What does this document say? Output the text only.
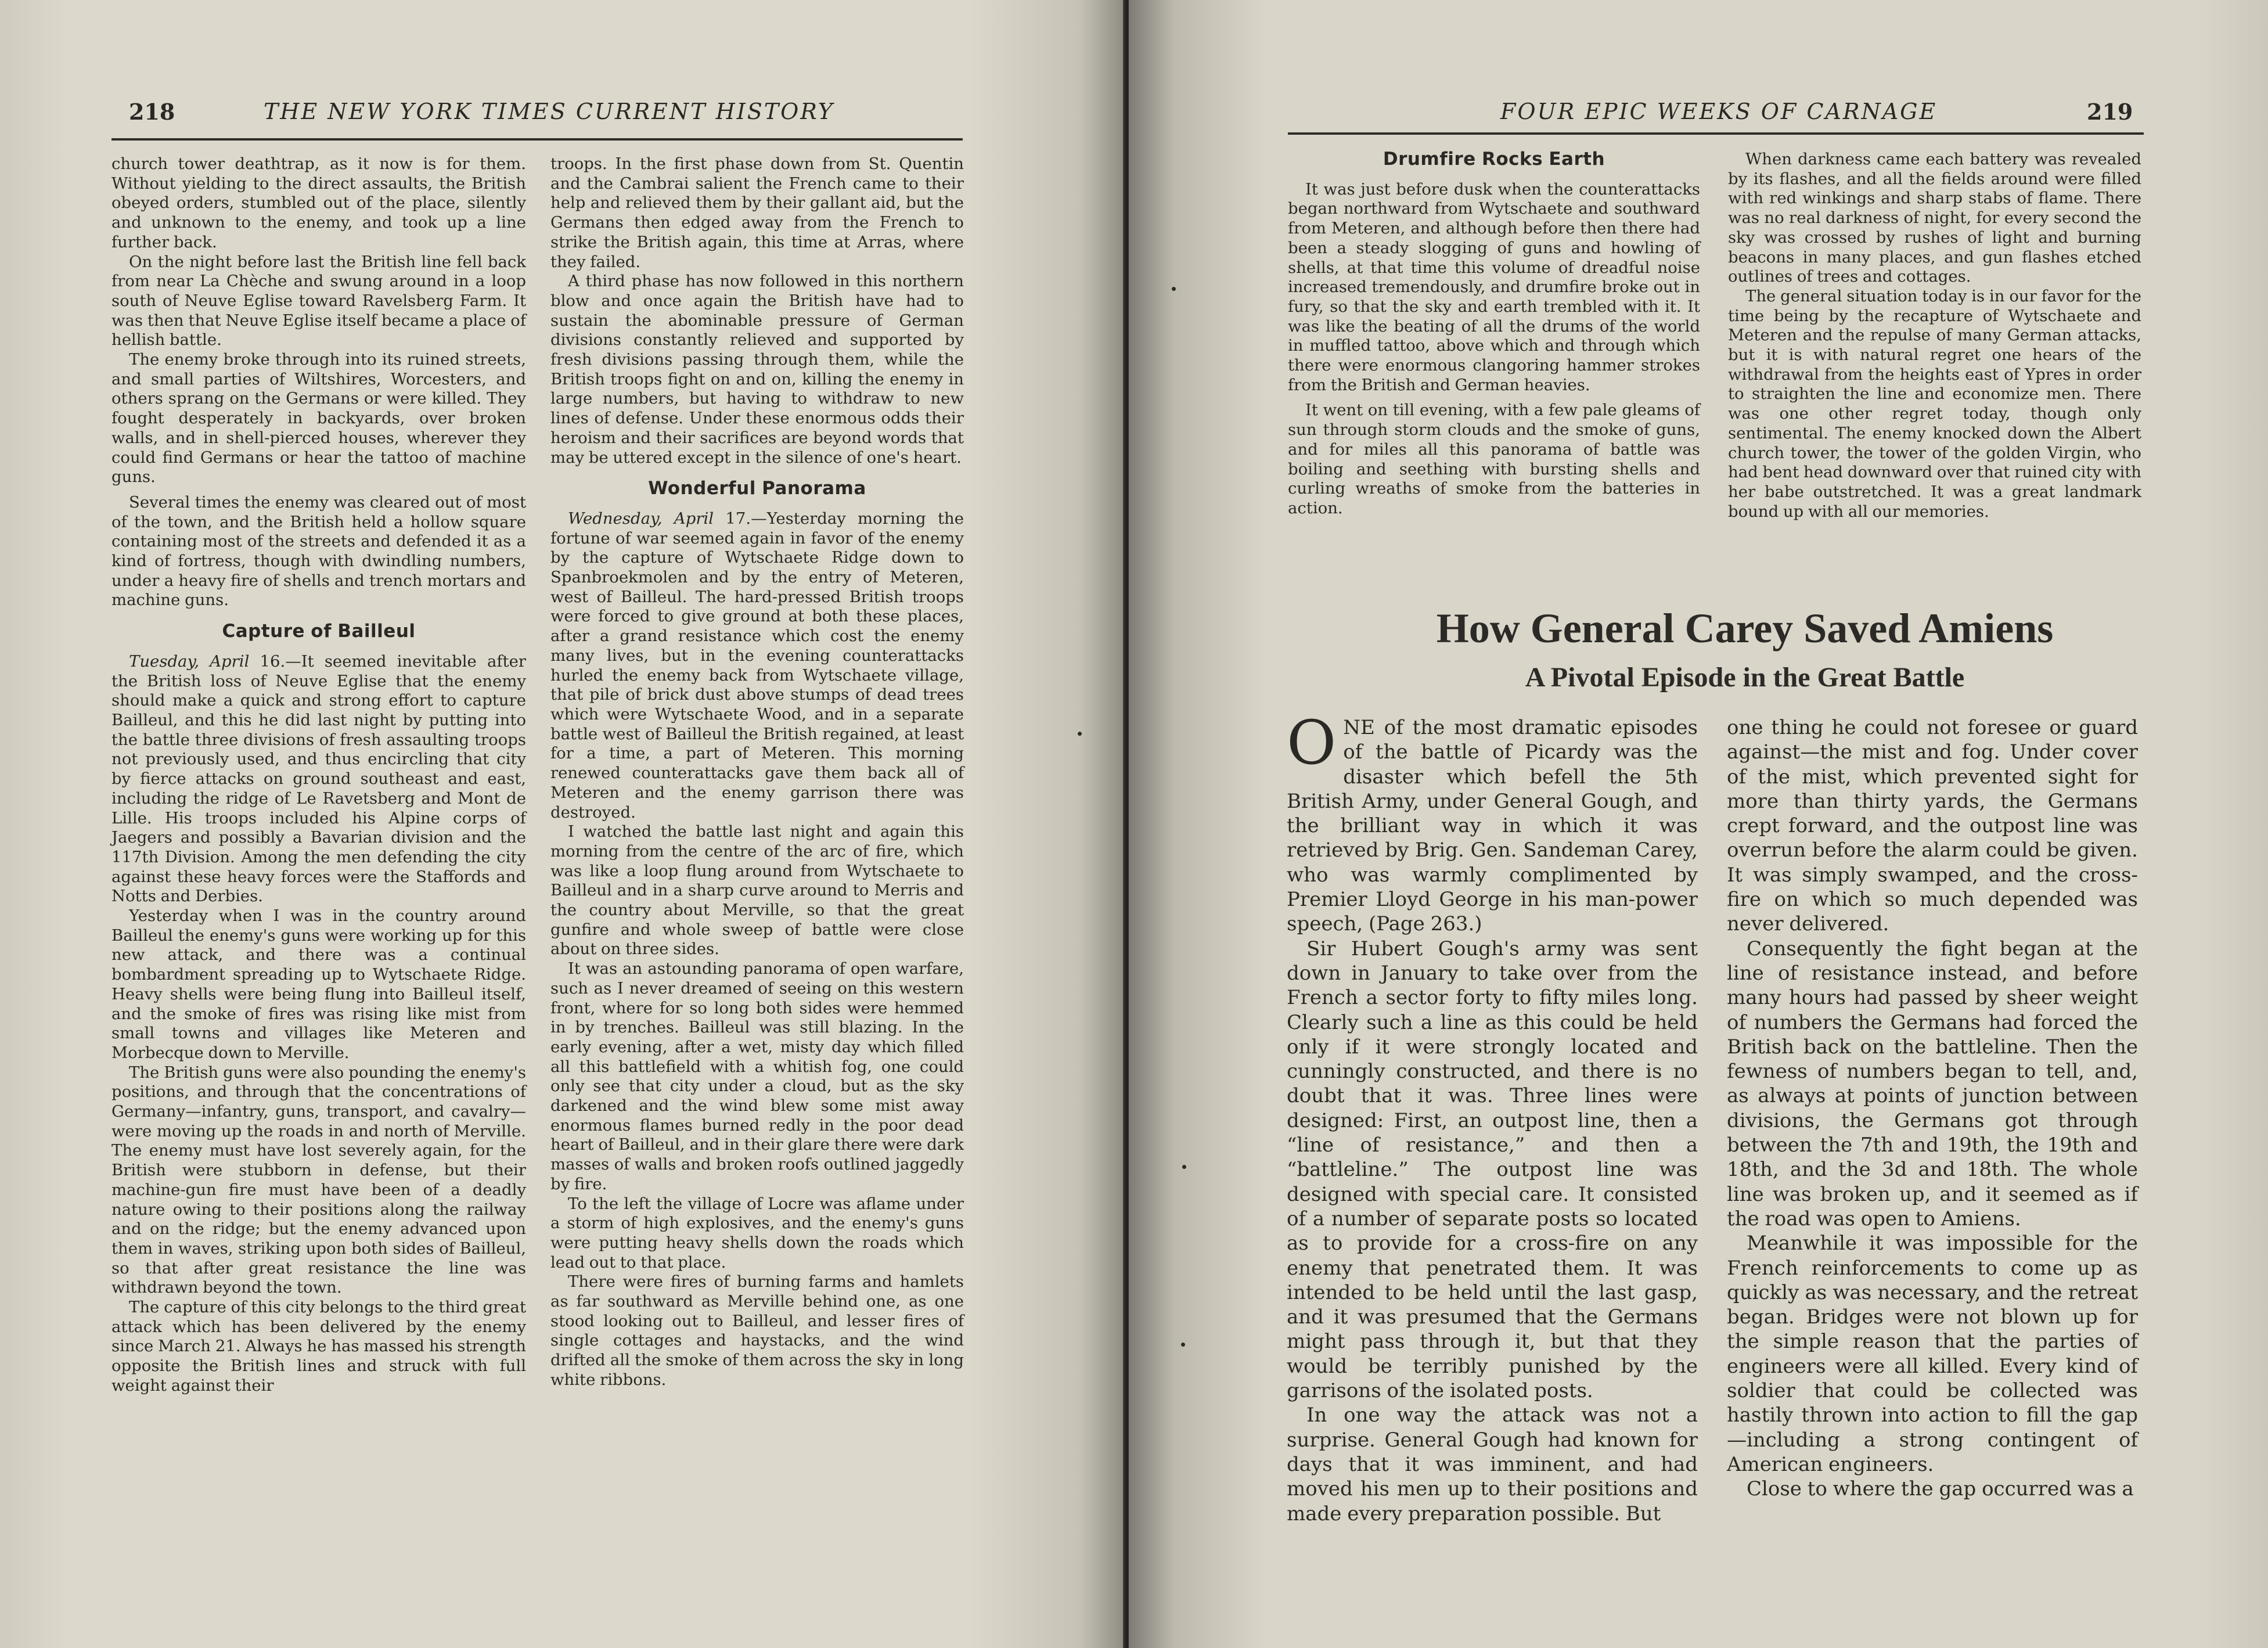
218	THE NEW YORK TIMES CURRENT HISTORY

church tower deathtrap, as it now is for them. Without yielding to the direct assaults, the British obeyed orders, stumbled out of the place, silently and unknown to the enemy, and took up a line further back.

On the night before last the British line fell back from near La Chèche and swung around in a loop south of Neuve Eglise toward Ravelsberg Farm. It was then that Neuve Eglise itself became a place of hellish battle.

The enemy broke through into its ruined streets, and small parties of Wiltshires, Worcesters, and others sprang on the Germans or were killed. They fought desperately in backyards, over broken walls, and in shell-pierced houses, wherever they could find Germans or hear the tattoo of machine guns.

Several times the enemy was cleared out of most of the town, and the British held a hollow square containing most of the streets and defended it as a kind of fortress, though with dwindling numbers, under a heavy fire of shells and trench mortars and machine guns.

Capture of Bailleul

Tuesday, April 16.—It seemed inevitable after the British loss of Neuve Eglise that the enemy should make a quick and strong effort to capture Bailleul, and this he did last night by putting into the battle three divisions of fresh assaulting troops not previously used, and thus encircling that city by fierce attacks on ground southeast and east, including the ridge of Le Ravetsberg and Mont de Lille. His troops included his Alpine corps of Jaegers and possibly a Bavarian division and the 117th Division. Among the men defending the city against these heavy forces were the Staffords and Notts and Derbies.

Yesterday when I was in the country around Bailleul the enemy's guns were working up for this new attack, and there was a continual bombardment spreading up to Wytschaete Ridge. Heavy shells were being flung into Bailleul itself, and the smoke of fires was rising like mist from small towns and villages like Meteren and Morbecque down to Merville.

The British guns were also pounding the enemy's positions, and through that the concentrations of Germany—infantry, guns, transport, and cavalry—were moving up the roads in and north of Merville. The enemy must have lost severely again, for the British were stubborn in defense, but their machine-gun fire must have been of a deadly nature owing to their positions along the railway and on the ridge; but the enemy advanced upon them in waves, striking upon both sides of Bailleul, so that after great resistance the line was withdrawn beyond the town.

The capture of this city belongs to the third great attack which has been delivered by the enemy since March 21. Always he has massed his strength opposite the British lines and struck with full weight against their

troops. In the first phase down from St. Quentin and the Cambrai salient the French came to their help and relieved them by their gallant aid, but the Germans then edged away from the French to strike the British again, this time at Arras, where they failed.

A third phase has now followed in this northern blow and once again the British have had to sustain the abominable pressure of German divisions constantly relieved and supported by fresh divisions passing through them, while the British troops fight on and on, killing the enemy in large numbers, but having to withdraw to new lines of defense. Under these enormous odds their heroism and their sacrifices are beyond words that may be uttered except in the silence of one's heart.

Wonderful Panorama

Wednesday, April 17.—Yesterday morning the fortune of war seemed again in favor of the enemy by the capture of Wytschaete Ridge down to Spanbroekmolen and by the entry of Meteren, west of Bailleul. The hard-pressed British troops were forced to give ground at both these places, after a grand resistance which cost the enemy many lives, but in the evening counterattacks hurled the enemy back from Wytschaete village, that pile of brick dust above stumps of dead trees which were Wytschaete Wood, and in a separate battle west of Bailleul the British regained, at least for a time, a part of Meteren. This morning renewed counterattacks gave them back all of Meteren and the enemy garrison there was destroyed.

I watched the battle last night and again this morning from the centre of the arc of fire, which was like a loop flung around from Wytschaete to Bailleul and in a sharp curve around to Merris and the country about Merville, so that the great gunfire and whole sweep of battle were close about on three sides.

It was an astounding panorama of open warfare, such as I never dreamed of seeing on this western front, where for so long both sides were hemmed in by trenches. Bailleul was still blazing. In the early evening, after a wet, misty day which filled all this battlefield with a whitish fog, one could only see that city under a cloud, but as the sky darkened and the wind blew some mist away enormous flames burned redly in the poor dead heart of Bailleul, and in their glare there were dark masses of walls and broken roofs outlined jaggedly by fire.

To the left the village of Locre was aflame under a storm of high explosives, and the enemy's guns were putting heavy shells down the roads which lead out to that place.

There were fires of burning farms and hamlets as far southward as Merville behind one, as one stood looking out to Bailleul, and lesser fires of single cottages and haystacks, and the wind drifted all the smoke of them across the sky in long white ribbons.

FOUR EPIC WEEKS OF CARNAGE	219
Drumfire Rocks Earth

It was just before dusk when the counterattacks began northward from Wytschaete and southward from Meteren, and although before then there had been a steady slogging of guns and howling of shells, at that time this volume of dreadful noise increased tremendously, and drumfire broke out in fury, so that the sky and earth trembled with it. It was like the beating of all the drums of the world in muffled tattoo, above which and through which there were enormous clangoring hammer strokes from the British and German heavies.

It went on till evening, with a few pale gleams of sun through storm clouds and the smoke of guns, and for miles all this panorama of battle was boiling and seething with bursting shells and curling wreaths of smoke from the batteries in action.

When darkness came each battery was revealed by its flashes, and all the fields around were filled with red winkings and sharp stabs of flame. There was no real darkness of night, for every second the sky was crossed by rushes of light and burning beacons in many places, and gun flashes etched outlines of trees and cottages.

The general situation today is in our favor for the time being by the recapture of Wytschaete and Meteren and the repulse of many German attacks, but it is with natural regret one hears of the withdrawal from the heights east of Ypres in order to straighten the line and economize men. There was one other regret today, though only sentimental. The enemy knocked down the Albert church tower, the tower of the golden Virgin, who had bent head downward over that ruined city with her babe outstretched. It was a great landmark bound up with all our memories.

How General Carey Saved Amiens
A Pivotal Episode in the Great Battle

ONE of the most dramatic episodes of the battle of Picardy was the disaster which befell the 5th British Army, under General Gough, and the brilliant way in which it was retrieved by Brig. Gen. Sandeman Carey, who was warmly complimented by Premier Lloyd George in his man-power speech, (Page 263.)

Sir Hubert Gough's army was sent down in January to take over from the French a sector forty to fifty miles long. Clearly such a line as this could be held only if it were strongly located and cunningly constructed, and there is no doubt that it was. Three lines were designed: First, an outpost line, then a “line of resistance,” and then a “battleline.” The outpost line was designed with special care. It consisted of a number of separate posts so located as to provide for a cross-fire on any enemy that penetrated them. It was intended to be held until the last gasp, and it was presumed that the Germans might pass through it, but that they would be terribly punished by the garrisons of the isolated posts.

In one way the attack was not a surprise. General Gough had known for days that it was imminent, and had moved his men up to their positions and made every preparation possible. But

one thing he could not foresee or guard against—the mist and fog. Under cover of the mist, which prevented sight for more than thirty yards, the Germans crept forward, and the outpost line was overrun before the alarm could be given. It was simply swamped, and the cross-fire on which so much depended was never delivered.

Consequently the fight began at the line of resistance instead, and before many hours had passed by sheer weight of numbers the Germans had forced the British back on the battleline. Then the fewness of numbers began to tell, and, as always at points of junction between divisions, the Germans got through between the 7th and 19th, the 19th and 18th, and the 3d and 18th. The whole line was broken up, and it seemed as if the road was open to Amiens.

Meanwhile it was impossible for the French reinforcements to come up as quickly as was necessary, and the retreat began. Bridges were not blown up for the simple reason that the parties of engineers were all killed. Every kind of soldier that could be collected was hastily thrown into action to fill the gap —including a strong contingent of American engineers.

Close to where the gap occurred was a
